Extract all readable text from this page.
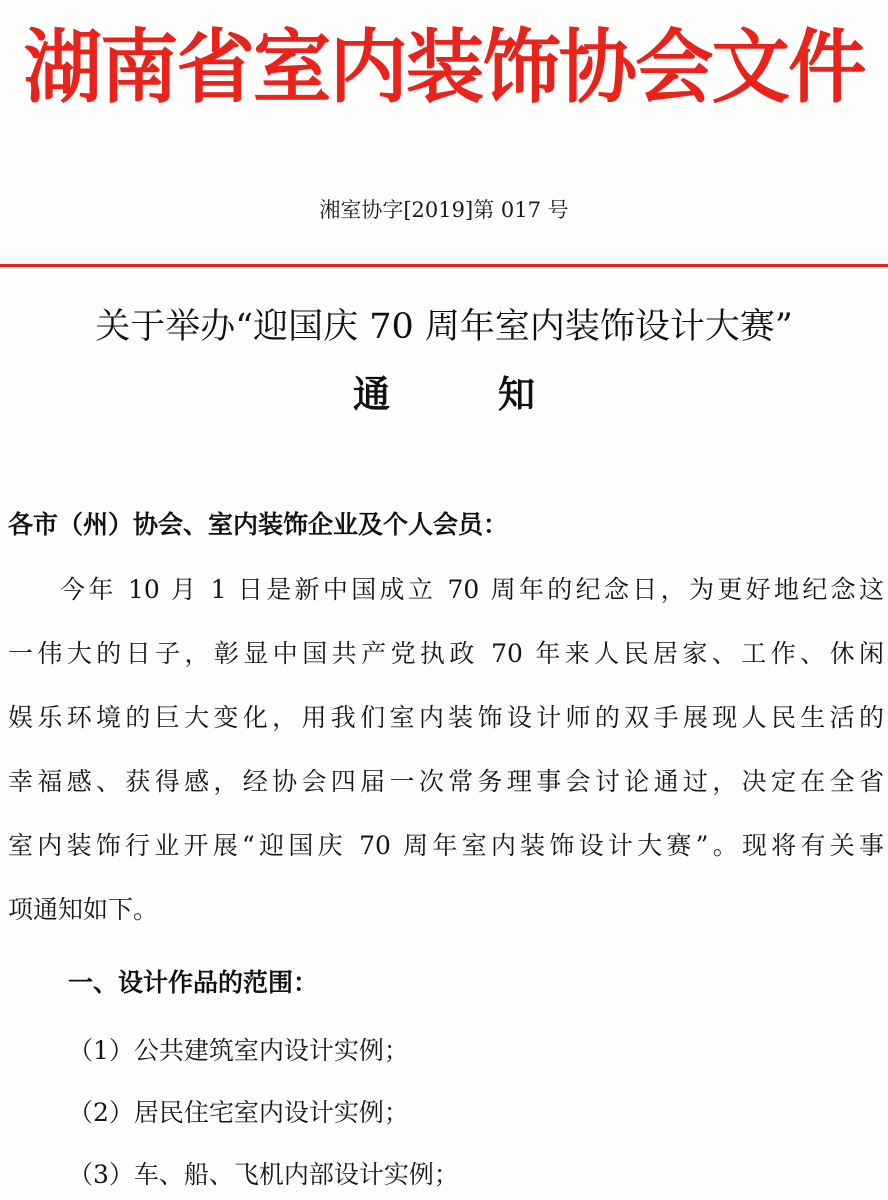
湖南省室内装饰协会文件
湘室协字[2019]第 017 号
关于举办“迎国庆 70 周年室内装饰设计大赛”
通	知
各市（州）协会、室内装饰企业及个人会员：
今年 10 月 1 日是新中国成立 70 周年的纪念日，为更好地纪念这
一伟大的日子，彰显中国共产党执政 70 年来人民居家、工作、休闲
娱乐环境的巨大变化，用我们室内装饰设计师的双手展现人民生活的
幸福感、获得感，经协会四届一次常务理事会讨论通过，决定在全省
室内装饰行业开展“迎国庆 70 周年室内装饰设计大赛”。现将有关事
项通知如下。
一、设计作品的范围：
（1）公共建筑室内设计实例；
（2）居民住宅室内设计实例；
（3）车、船、飞机内部设计实例；
